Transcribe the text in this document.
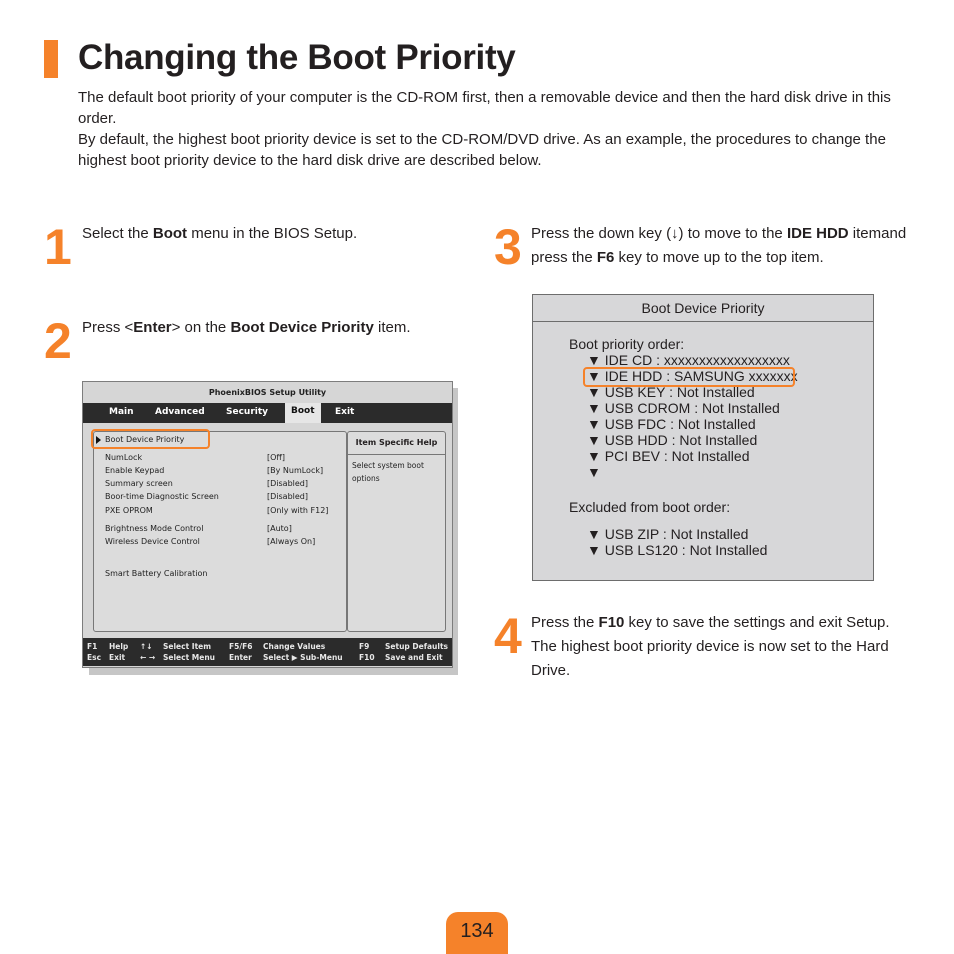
Changing the Boot Priority

The default boot priority of your computer is the CD-ROM first, then a removable device and then the hard disk drive in this order.

By default, the highest boot priority device is set to the CD-ROM/DVD drive. As an example, the procedures to change the highest boot priority device to the hard disk drive are described below.

1 Select the Boot menu in the BIOS Setup.
2 Press <Enter> on the Boot Device Priority item.
PhoenixBIOS Setup Utility
Main Advanced Security	Boot	Exit
Boot Device Priority
NumLock	[Off]
Enable Keypad	[By NumLock]
Summary screen	[Disabled]
Boor-time Diagnostic Screen	[Disabled]
PXE OPROM	[Only with F12]
Brightness Mode Control	[Auto]
Wireless Device Control	[Always On]
Smart Battery Calibration
Item Specific Help
Select system boot options
F1 Help ↑↓ Select Item F5/F6 Change Values	F9 Setup Defaults
Esc Exit ← → Select Menu Enter Select ▶ Sub-Menu F10 Save and Exit
3 Press the down key (↓) to move to the IDE HDD itemand press the F6 key to move up to the top item.
Boot Device Priority
Boot priority order:
▼ IDE CD : xxxxxxxxxxxxxxxxxx
▼ IDE HDD : SAMSUNG xxxxxxx
▼ USB KEY : Not Installed
▼ USB CDROM : Not Installed
▼ USB FDC : Not Installed
▼ USB HDD : Not Installed
▼ PCI BEV : Not Installed
▼
Excluded from boot order:
▼ USB ZIP : Not Installed
▼ USB LS120 : Not Installed
4 Press the F10 key to save the settings and exit Setup. The highest boot priority device is now set to the Hard Drive.
134
